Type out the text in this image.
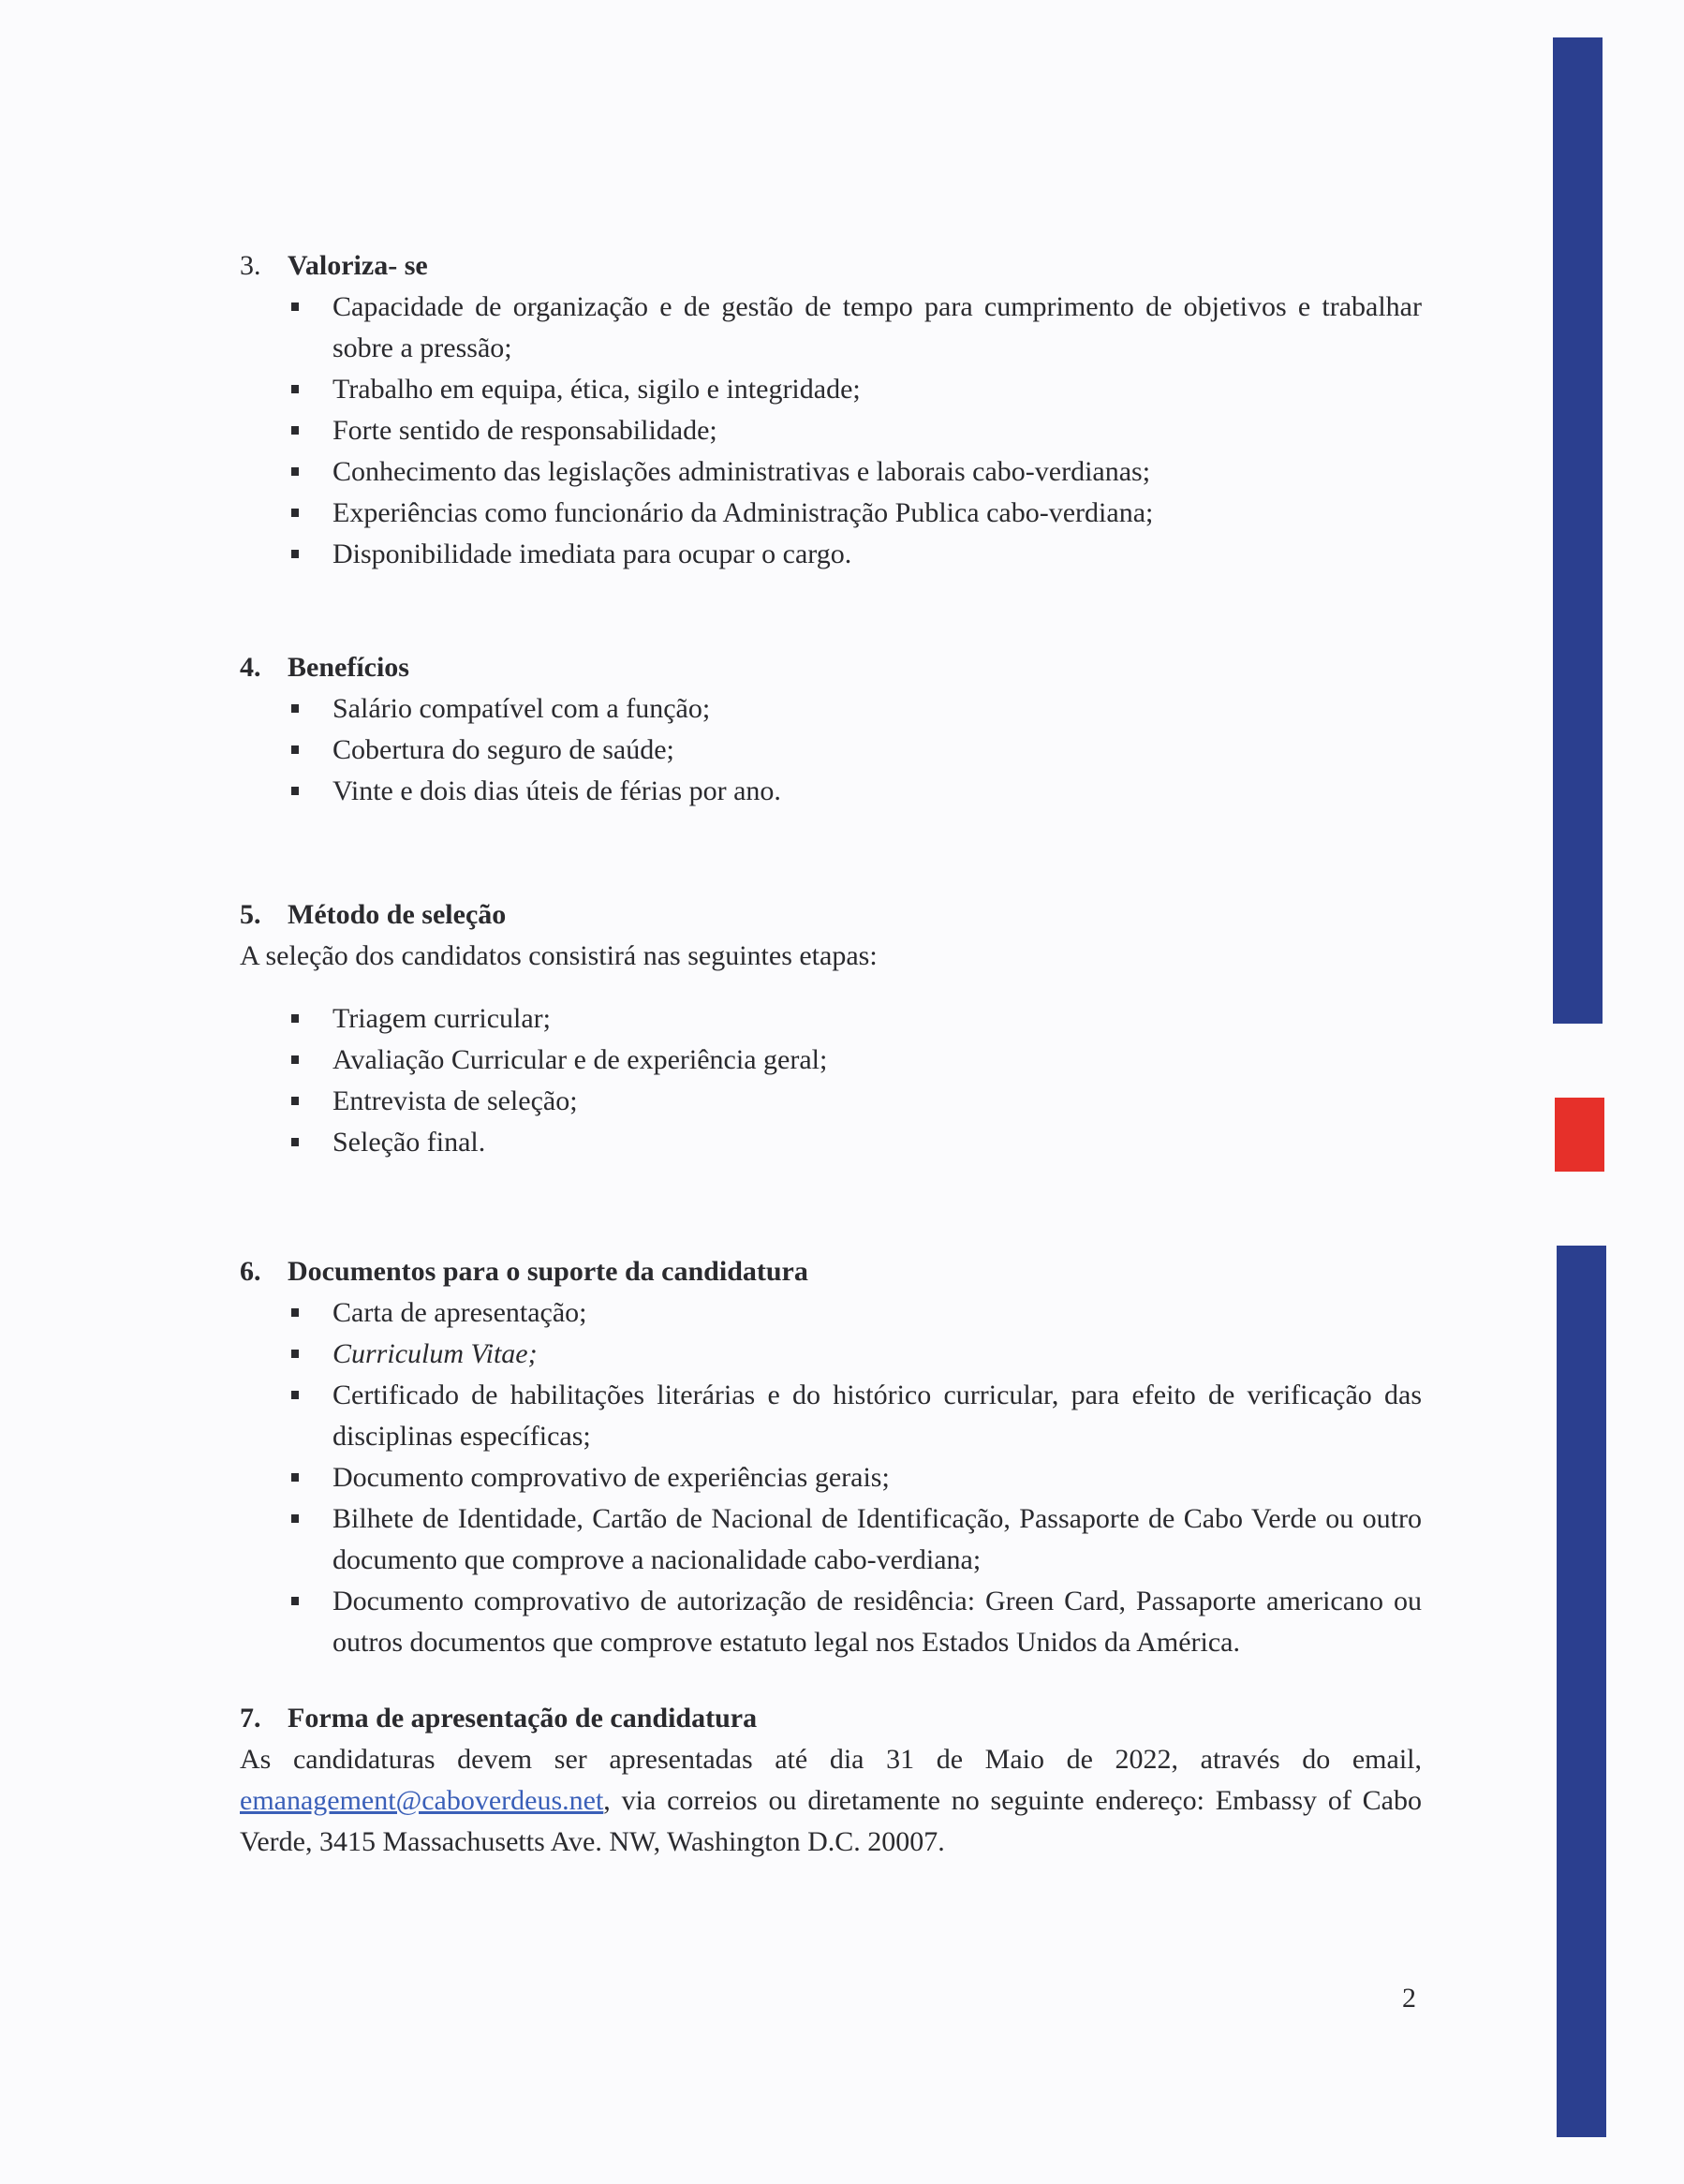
3. Valoriza- se
Capacidade de organização e de gestão de tempo para cumprimento de objetivos e trabalhar sobre a pressão;
Trabalho em equipa, ética, sigilo e integridade;
Forte sentido de responsabilidade;
Conhecimento das legislações administrativas e laborais cabo-verdianas;
Experiências como funcionário da Administração Publica cabo-verdiana;
Disponibilidade imediata para ocupar o cargo.
4. Benefícios
Salário compatível com a função;
Cobertura do seguro de saúde;
Vinte e dois dias úteis de férias por ano.
5. Método de seleção

A seleção dos candidatos consistirá nas seguintes etapas:

Triagem curricular;
Avaliação Curricular e de experiência geral;
Entrevista de seleção;
Seleção final.
6. Documentos para o suporte da candidatura
Carta de apresentação;
Curriculum Vitae;
Certificado de habilitações literárias e do histórico curricular, para efeito de verificação das disciplinas específicas;
Documento comprovativo de experiências gerais;
Bilhete de Identidade, Cartão de Nacional de Identificação, Passaporte de Cabo Verde ou outro documento que comprove a nacionalidade cabo-verdiana;
Documento comprovativo de autorização de residência: Green Card, Passaporte americano ou outros documentos que comprove estatuto legal nos Estados Unidos da América.
7. Forma de apresentação de candidatura

As candidaturas devem ser apresentadas até dia 31 de Maio de 2022, através do email, emanagement@caboverdeus.net, via correios ou diretamente no seguinte endereço: Embassy of Cabo Verde, 3415 Massachusetts Ave. NW, Washington D.C. 20007.

2
